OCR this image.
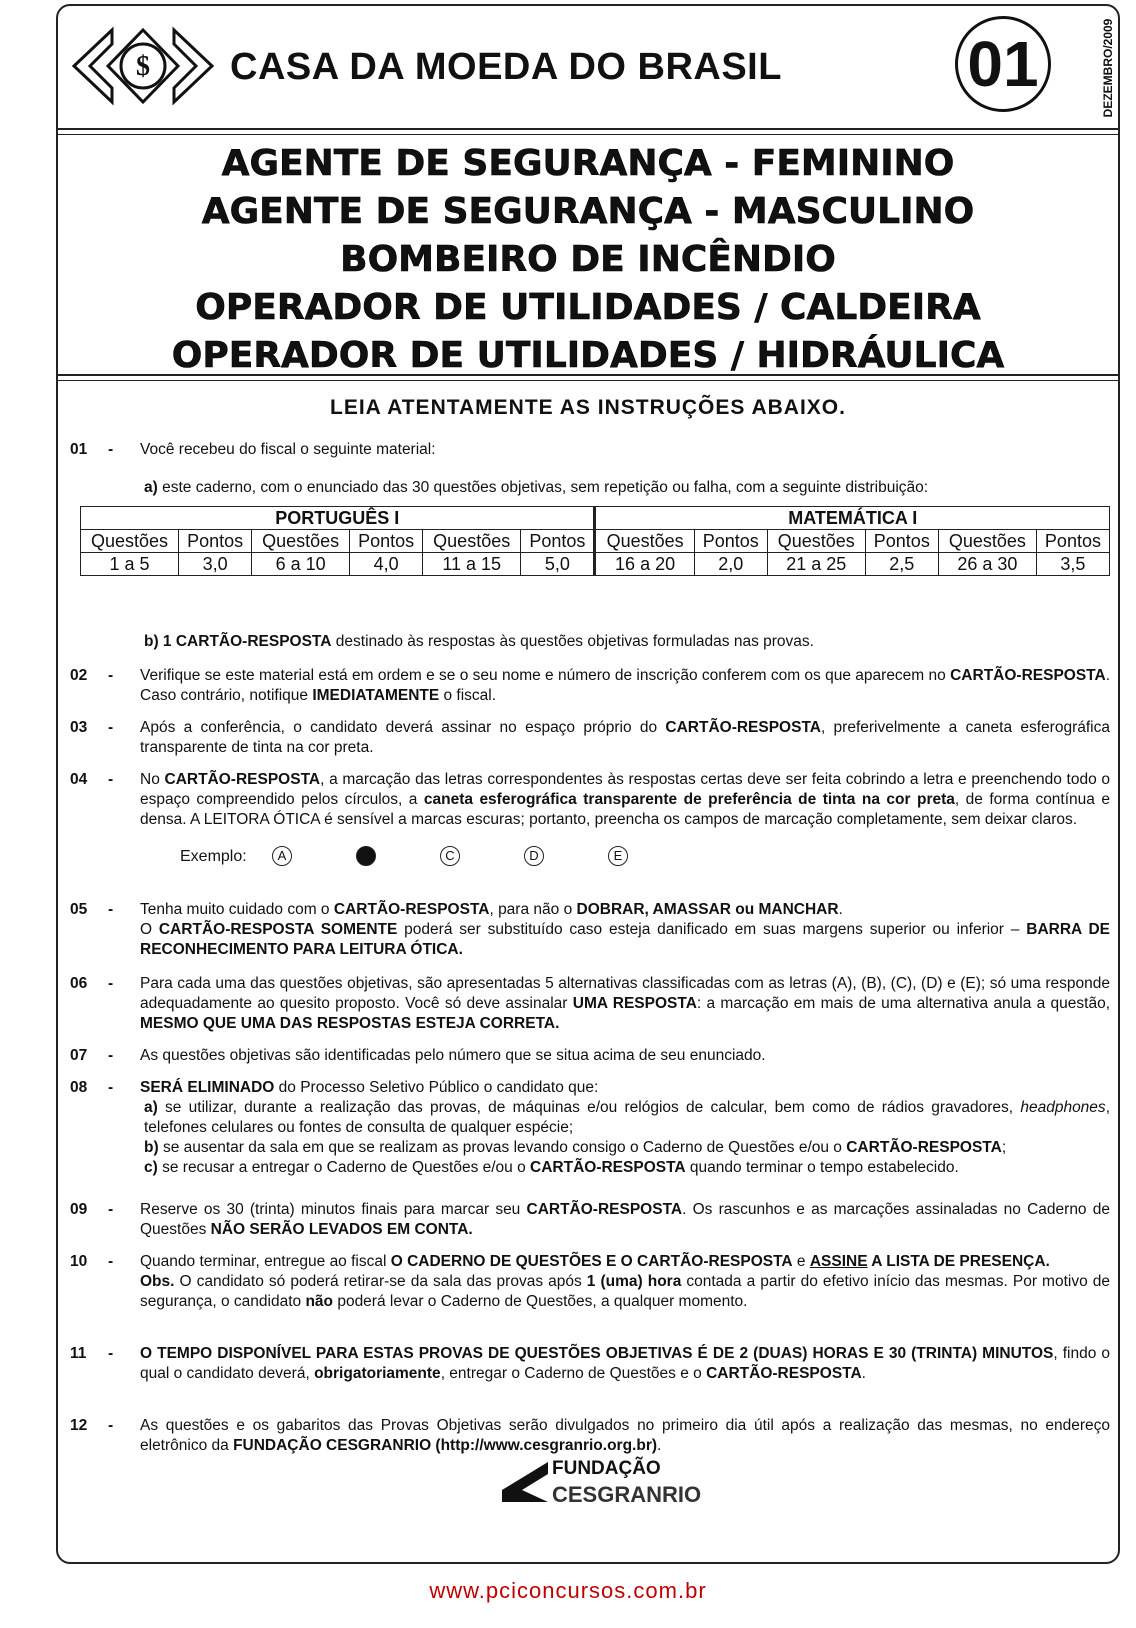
$ CASA DA MOEDA DO BRASIL	01	DEZEMBRO/2009
AGENTE DE SEGURANÇA - FEMININO
AGENTE DE SEGURANÇA - MASCULINO
BOMBEIRO DE INCÊNDIO
OPERADOR DE UTILIDADES / CALDEIRA
OPERADOR DE UTILIDADES / HIDRÁULICA
LEIA ATENTAMENTE AS INSTRUÇÕES ABAIXO.
01	- Você recebeu do fiscal o seguinte material:
a) este caderno, com o enunciado das 30 questões objetivas, sem repetição ou falha, com a seguinte distribuição:
PORTUGUÊS I						MATEMÁTICA I					
Questões	Pontos	Questões	Pontos	Questões	Pontos	Questões	Pontos	Questões	Pontos	Questões	Pontos
1 a 5	3,0	6 a 10	4,0	11 a 15	5,0	16 a 20	2,0	21 a 25	2,5	26 a 30	3,5
b) 1 CARTÃO-RESPOSTA destinado às respostas às questões objetivas formuladas nas provas.
02	- Verifique se este material está em ordem e se o seu nome e número de inscrição conferem com os que aparecem no CARTÃO-RESPOSTA. Caso contrário, notifique IMEDIATAMENTE o fiscal.
03	- Após a conferência, o candidato deverá assinar no espaço próprio do CARTÃO-RESPOSTA, preferivelmente a caneta esferográfica transparente de tinta na cor preta.
04	- No CARTÃO-RESPOSTA, a marcação das letras correspondentes às respostas certas deve ser feita cobrindo a letra e preenchendo todo o espaço compreendido pelos círculos, a caneta esferográfica transparente de preferência de tinta na cor preta, de forma contínua e densa. A LEITORA ÓTICA é sensível a marcas escuras; portanto, preencha os campos de marcação completamente, sem deixar claros.
Exemplo:	A	C	D	E
05	- Tenha muito cuidado com o CARTÃO-RESPOSTA, para não o DOBRAR, AMASSAR ou MANCHAR.
O CARTÃO-RESPOSTA SOMENTE poderá ser substituído caso esteja danificado em suas margens superior ou inferior – BARRA DE RECONHECIMENTO PARA LEITURA ÓTICA.
06	- Para cada uma das questões objetivas, são apresentadas 5 alternativas classificadas com as letras (A), (B), (C), (D) e (E); só uma responde adequadamente ao quesito proposto. Você só deve assinalar UMA RESPOSTA: a marcação em mais de uma alternativa anula a questão, MESMO QUE UMA DAS RESPOSTAS ESTEJA CORRETA.
07	- As questões objetivas são identificadas pelo número que se situa acima de seu enunciado.
08	- SERÁ ELIMINADO do Processo Seletivo Público o candidato que:

a) se utilizar, durante a realização das provas, de máquinas e/ou relógios de calcular, bem como de rádios gravadores, headphones, telefones celulares ou fontes de consulta de qualquer espécie;
b) se ausentar da sala em que se realizam as provas levando consigo o Caderno de Questões e/ou o CARTÃO-RESPOSTA;
c) se recusar a entregar o Caderno de Questões e/ou o CARTÃO-RESPOSTA quando terminar o tempo estabelecido.
09	- Reserve os 30 (trinta) minutos finais para marcar seu CARTÃO-RESPOSTA. Os rascunhos e as marcações assinaladas no Caderno de Questões NÃO SERÃO LEVADOS EM CONTA.
10	- Quando terminar, entregue ao fiscal O CADERNO DE QUESTÕES E O CARTÃO-RESPOSTA e ASSINE A LISTA DE PRESENÇA.
Obs. O candidato só poderá retirar-se da sala das provas após 1 (uma) hora contada a partir do efetivo início das mesmas. Por motivo de segurança, o candidato não poderá levar o Caderno de Questões, a qualquer momento.
11	- O TEMPO DISPONÍVEL PARA ESTAS PROVAS DE QUESTÕES OBJETIVAS É DE 2 (DUAS) HORAS E 30 (TRINTA) MINUTOS, findo o qual o candidato deverá, obrigatoriamente, entregar o Caderno de Questões e o CARTÃO-RESPOSTA.
12	- As questões e os gabaritos das Provas Objetivas serão divulgados no primeiro dia útil após a realização das mesmas, no endereço eletrônico da FUNDAÇÃO CESGRANRIO (http://www.cesgranrio.org.br).
FUNDAÇÃO
CESGRANRIO
www.pciconcursos.com.br
